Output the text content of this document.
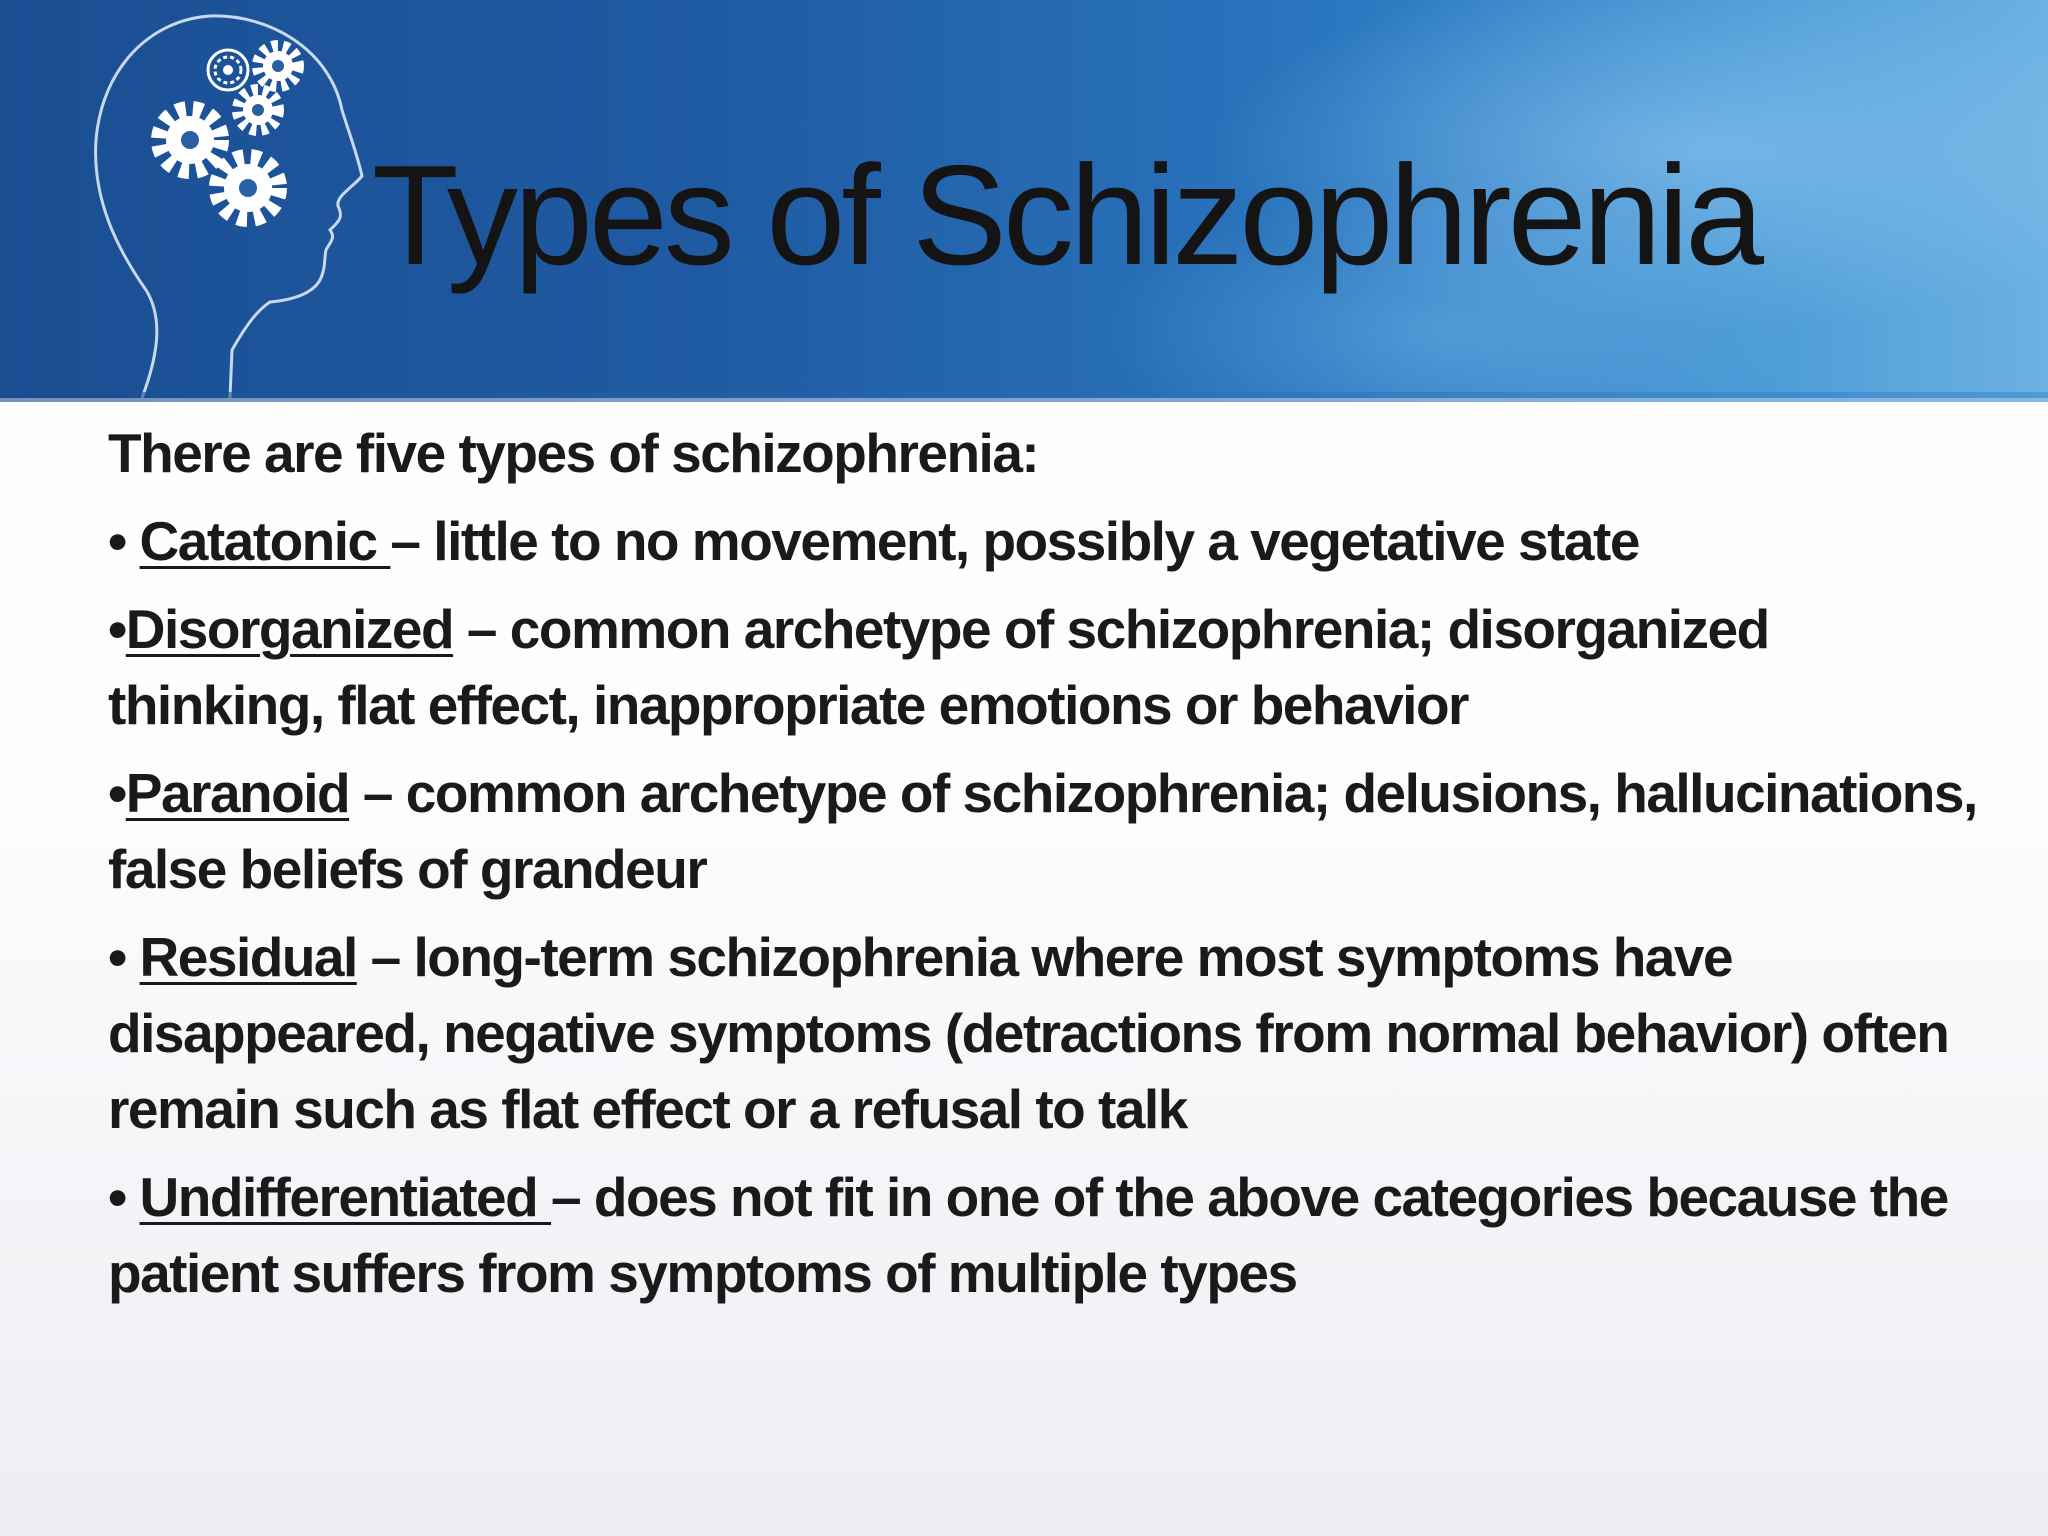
Types of Schizophrenia

There are five types of schizophrenia:

• Catatonic – little to no movement, possibly a vegetative state

•Disorganized – common archetype of schizophrenia; disorganized thinking, flat effect, inappropriate emotions or behavior

•Paranoid – common archetype of schizophrenia; delusions, hallucinations, false beliefs of grandeur

• Residual – long-term schizophrenia where most symptoms have disappeared, negative symptoms (detractions from normal behavior) often remain such as flat effect or a refusal to talk

• Undifferentiated – does not fit in one of the above categories because the patient suffers from symptoms of multiple types
